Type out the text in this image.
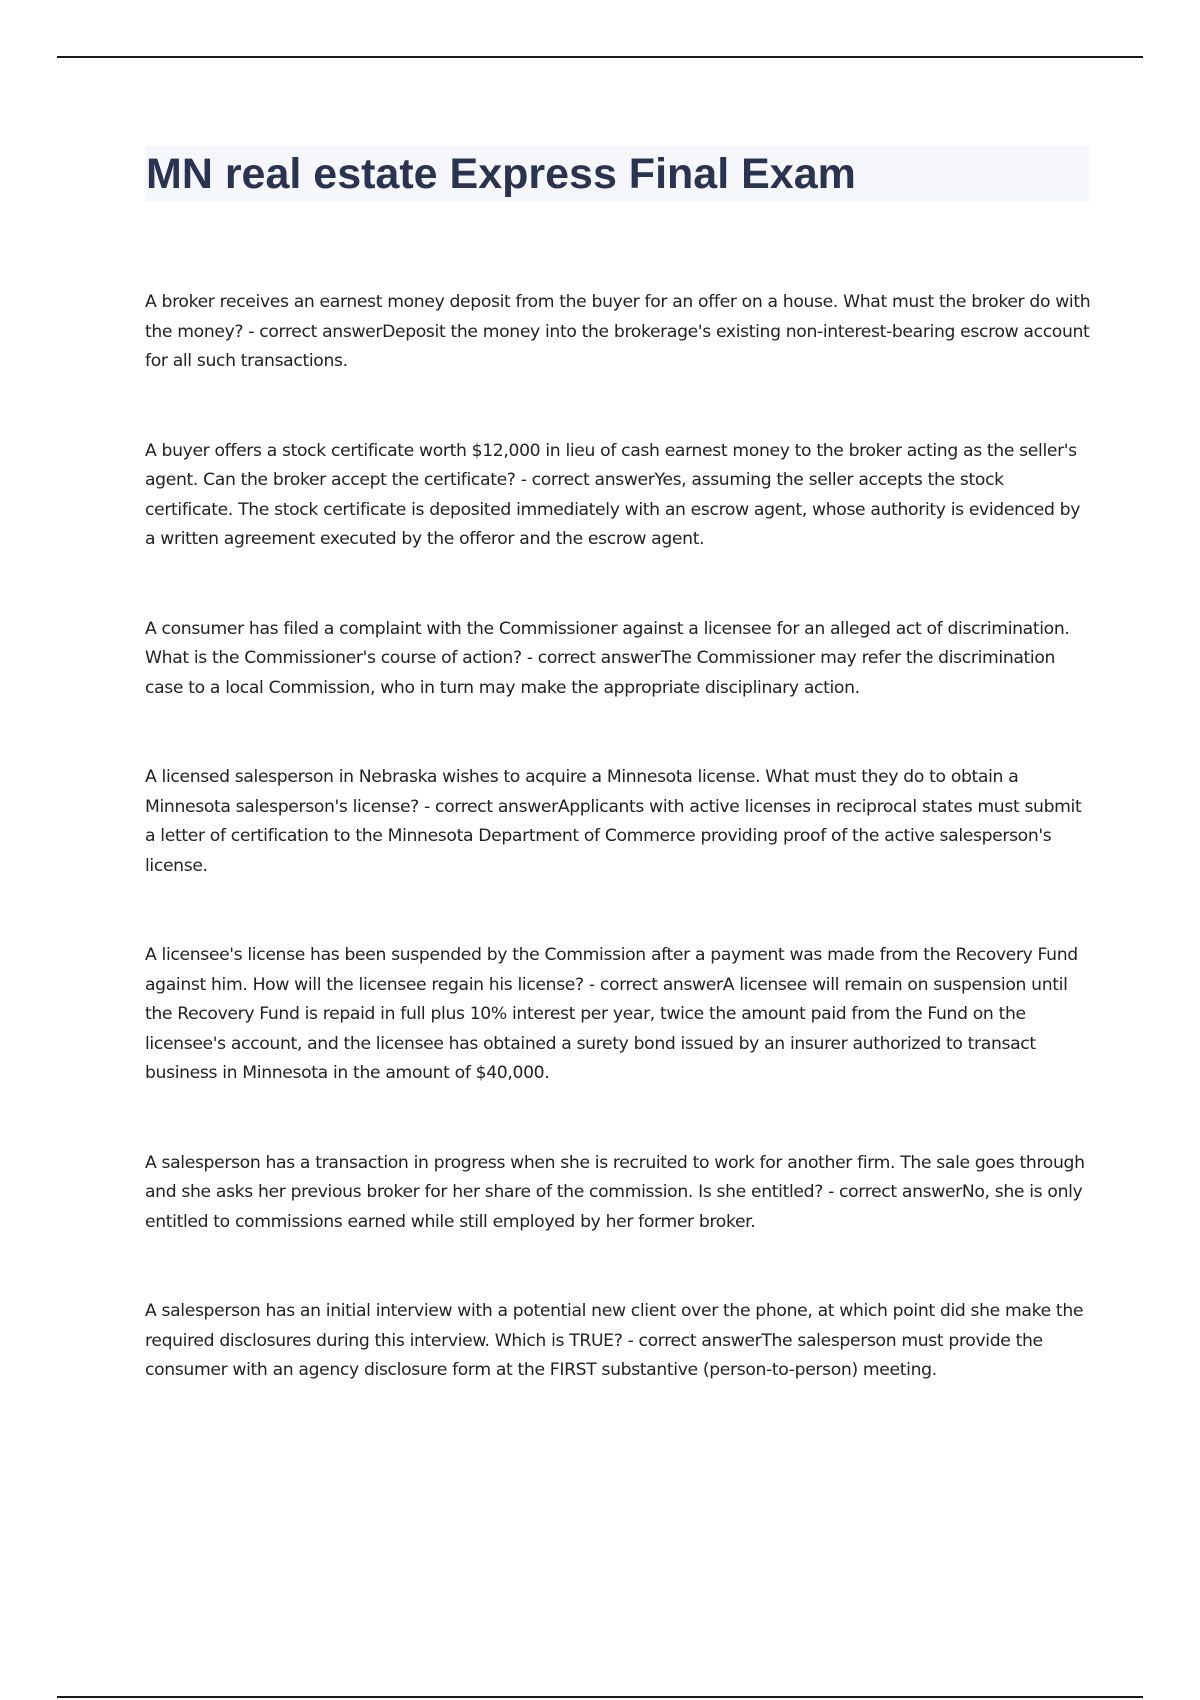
MN real estate Express Final Exam
A broker receives an earnest money deposit from the buyer for an offer on a house. What must the broker do with the money? - correct answerDeposit the money into the brokerage's existing non-interest-bearing escrow account for all such transactions.
A buyer offers a stock certificate worth $12,000 in lieu of cash earnest money to the broker acting as the seller's agent. Can the broker accept the certificate? - correct answerYes, assuming the seller accepts the stock certificate. The stock certificate is deposited immediately with an escrow agent, whose authority is evidenced by a written agreement executed by the offeror and the escrow agent.
A consumer has filed a complaint with the Commissioner against a licensee for an alleged act of discrimination. What is the Commissioner's course of action? - correct answerThe Commissioner may refer the discrimination case to a local Commission, who in turn may make the appropriate disciplinary action.
A licensed salesperson in Nebraska wishes to acquire a Minnesota license. What must they do to obtain a Minnesota salesperson's license? - correct answerApplicants with active licenses in reciprocal states must submit a letter of certification to the Minnesota Department of Commerce providing proof of the active salesperson's license.
A licensee's license has been suspended by the Commission after a payment was made from the Recovery Fund against him. How will the licensee regain his license? - correct answerA licensee will remain on suspension until the Recovery Fund is repaid in full plus 10% interest per year, twice the amount paid from the Fund on the licensee's account, and the licensee has obtained a surety bond issued by an insurer authorized to transact business in Minnesota in the amount of $40,000.
A salesperson has a transaction in progress when she is recruited to work for another firm. The sale goes through and she asks her previous broker for her share of the commission. Is she entitled? - correct answerNo, she is only entitled to commissions earned while still employed by her former broker.
A salesperson has an initial interview with a potential new client over the phone, at which point did she make the required disclosures during this interview. Which is TRUE? - correct answerThe salesperson must provide the consumer with an agency disclosure form at the FIRST substantive (person-to-person) meeting.
